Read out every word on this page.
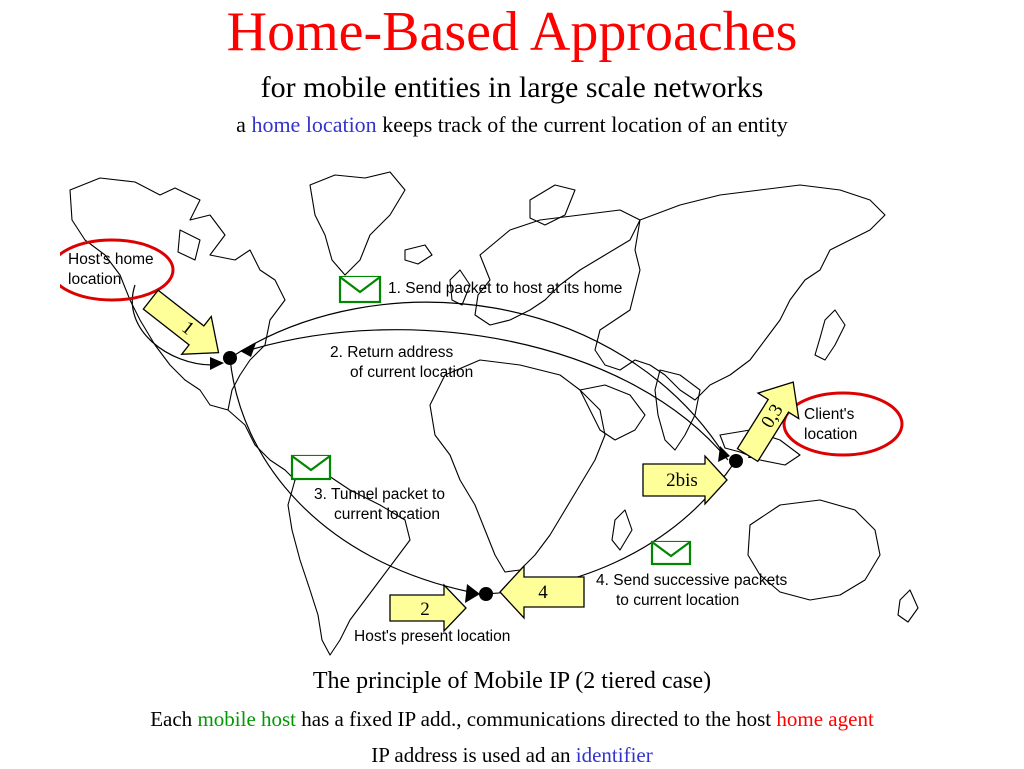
Home-Based Approaches
for mobile entities in large scale networks
a home location keeps track of the current location of an entity
1
0,3
2bis
2
4
Host's home
location
Client's
location
1. Send packet to host at its home
2. Return address
of current location
3. Tunnel packet to
current location
4. Send successive packets
to current location
Host's present location
The principle of Mobile IP (2 tiered case)
Each mobile host has a fixed IP add., communications directed to the host home agent
IP address is used ad an identifier
